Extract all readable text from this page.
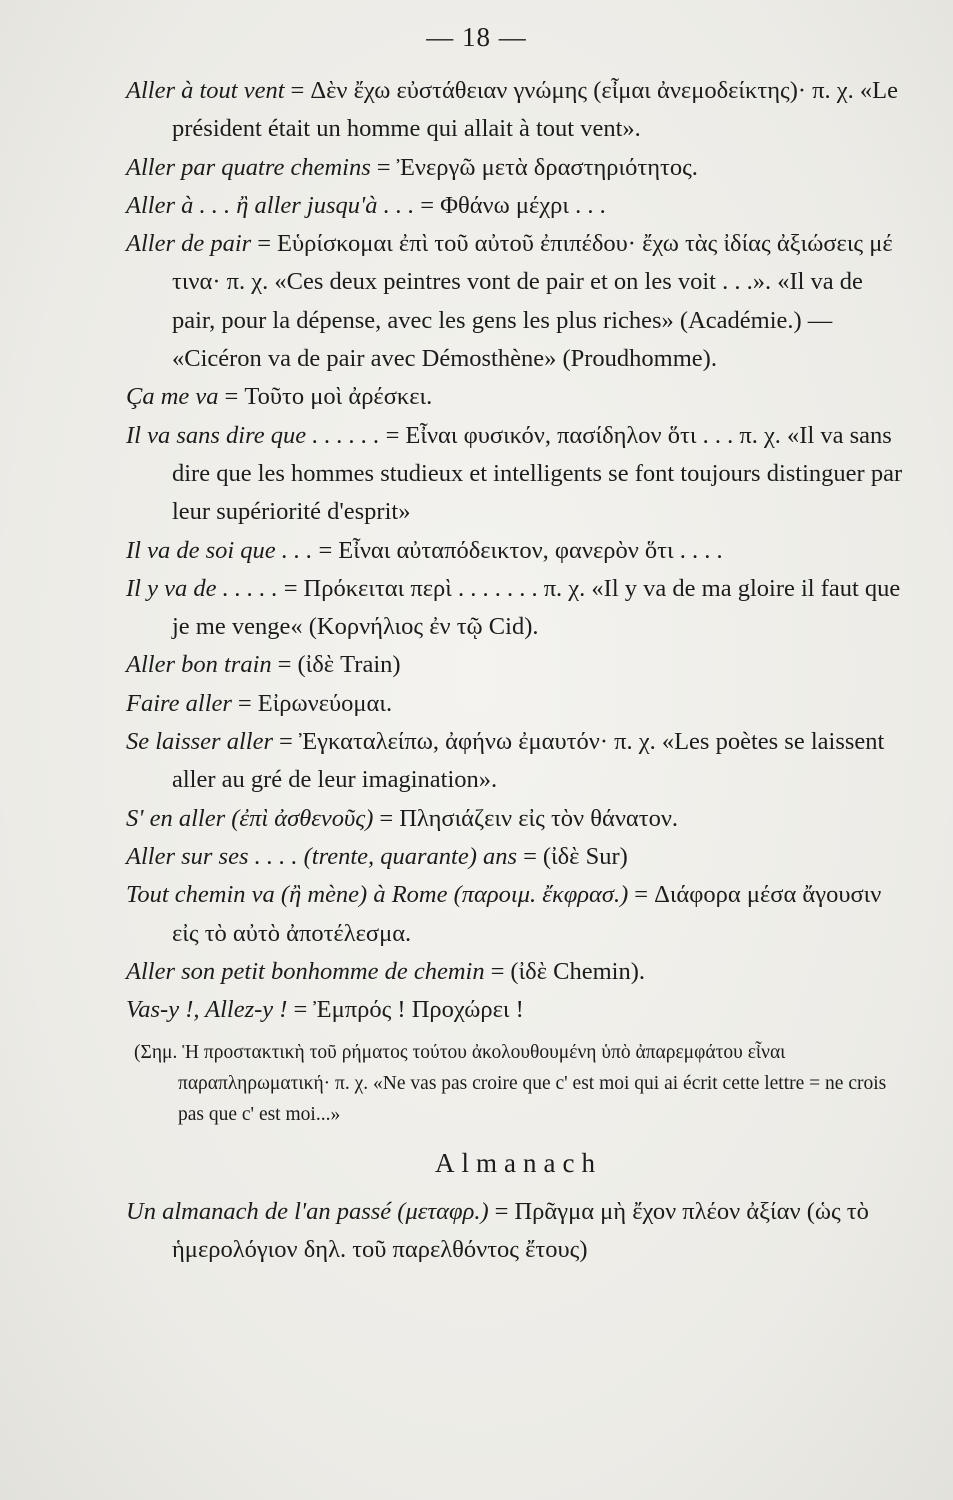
— 18 —

Aller à tout vent = Δὲν ἔχω εὐστάθειαν γνώμης (εἶμαι ἀνεμοδείκτης)· π. χ. «Le président était un homme qui allait à tout vent».

Aller par quatre chemins = Ἐνεργῶ μετὰ δραστηριότητος.

Aller à . . . ἢ aller jusqu'à . . . = Φθάνω μέχρι . . .

Aller de pair = Εὑρίσκομαι ἐπὶ τοῦ αὐτοῦ ἐπιπέδου· ἔχω τὰς ἰδίας ἀξιώσεις μέ τινα· π. χ. «Ces deux peintres vont de pair et on les voit . . .». «Il va de pair, pour la dépense, avec les gens les plus riches» (Académie.) — «Cicéron va de pair avec Démosthène» (Proudhomme).

Ça me va = Τοῦτο μοὶ ἀρέσκει.

Il va sans dire que . . . . . . = Εἶναι φυσικόν, πασίδηλον ὅτι . . . π. χ. «Il va sans dire que les hommes studieux et intelligents se font toujours distinguer par leur supériorité d'esprit»

Il va de soi que . . . = Εἶναι αὐταπόδεικτον, φανερὸν ὅτι . . . .

Il y va de . . . . . = Πρόκειται περὶ . . . . . . . π. χ. «Il y va de ma gloire il faut que je me venge« (Κορνήλιος ἐν τῷ Cid).

Aller bon train = (ἰδὲ Train)

Faire aller = Εἰρωνεύομαι.

Se laisser aller = Ἐγκαταλείπω, ἀφήνω ἐμαυτόν· π. χ. «Les poètes se laissent aller au gré de leur imagination».

S' en aller (ἐπὶ ἀσθενοῦς) = Πλησιάζειν εἰς τὸν θάνατον.

Aller sur ses . . . . (trente, quarante) ans = (ἰδὲ Sur)

Tout chemin va (ἢ mène) à Rome (παροιμ. ἔκφρασ.) = Διάφορα μέσα ἄγουσιν εἰς τὸ αὐτὸ ἀποτέλεσμα.

Aller son petit bonhomme de chemin = (ἰδὲ Chemin).

Vas-y !, Allez-y ! = Ἐμπρός ! Προχώρει !

(Σημ. Ἡ προστακτικὴ τοῦ ρήματος τούτου ἀκολουθουμένη ὑπὸ ἀπαρεμφάτου εἶναι παραπληρωματική· π. χ. «Ne vas pas croire que c' est moi qui ai écrit cette lettre = ne crois pas que c' est moi...»

Almanach

Un almanach de l'an passé (μεταφρ.) = Πρᾶγμα μὴ ἔχον πλέον ἀξίαν (ὡς τὸ ἡμερολόγιον δηλ. τοῦ παρελθόντος ἔτους)
